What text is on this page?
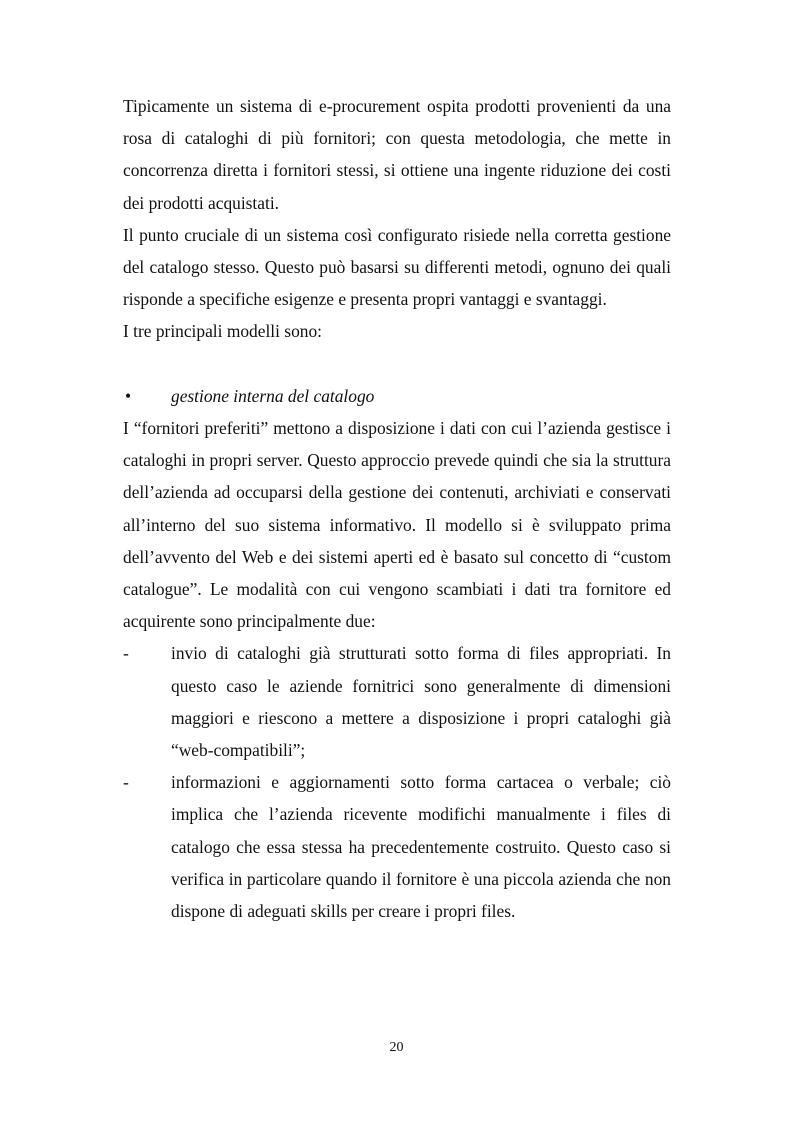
Tipicamente un sistema di e-procurement ospita prodotti provenienti da una rosa di cataloghi di più fornitori; con questa metodologia, che mette in concorrenza diretta i fornitori stessi, si ottiene una ingente riduzione dei costi dei prodotti acquistati.

Il punto cruciale di un sistema così configurato risiede nella corretta gestione del catalogo stesso. Questo può basarsi su differenti metodi, ognuno dei quali risponde a specifiche esigenze e presenta propri vantaggi e svantaggi.

I tre principali modelli sono:

•	gestione interna del catalogo

I “fornitori preferiti” mettono a disposizione i dati con cui l’azienda gestisce i cataloghi in propri server. Questo approccio prevede quindi che sia la struttura dell’azienda ad occuparsi della gestione dei contenuti, archiviati e conservati all’interno del suo sistema informativo. Il modello si è sviluppato prima dell’avvento del Web e dei sistemi aperti ed è basato sul concetto di “custom catalogue”. Le modalità con cui vengono scambiati i dati tra fornitore ed acquirente sono principalmente due:

-	invio di cataloghi già strutturati sotto forma di files appropriati. In questo caso le aziende fornitrici sono generalmente di dimensioni maggiori e riescono a mettere a disposizione i propri cataloghi già “web-compatibili”;
-	informazioni e aggiornamenti sotto forma cartacea o verbale; ciò implica che l’azienda ricevente modifichi manualmente i files di catalogo che essa stessa ha precedentemente costruito. Questo caso si verifica in particolare quando il fornitore è una piccola azienda che non dispone di adeguati skills per creare i propri files.
20
